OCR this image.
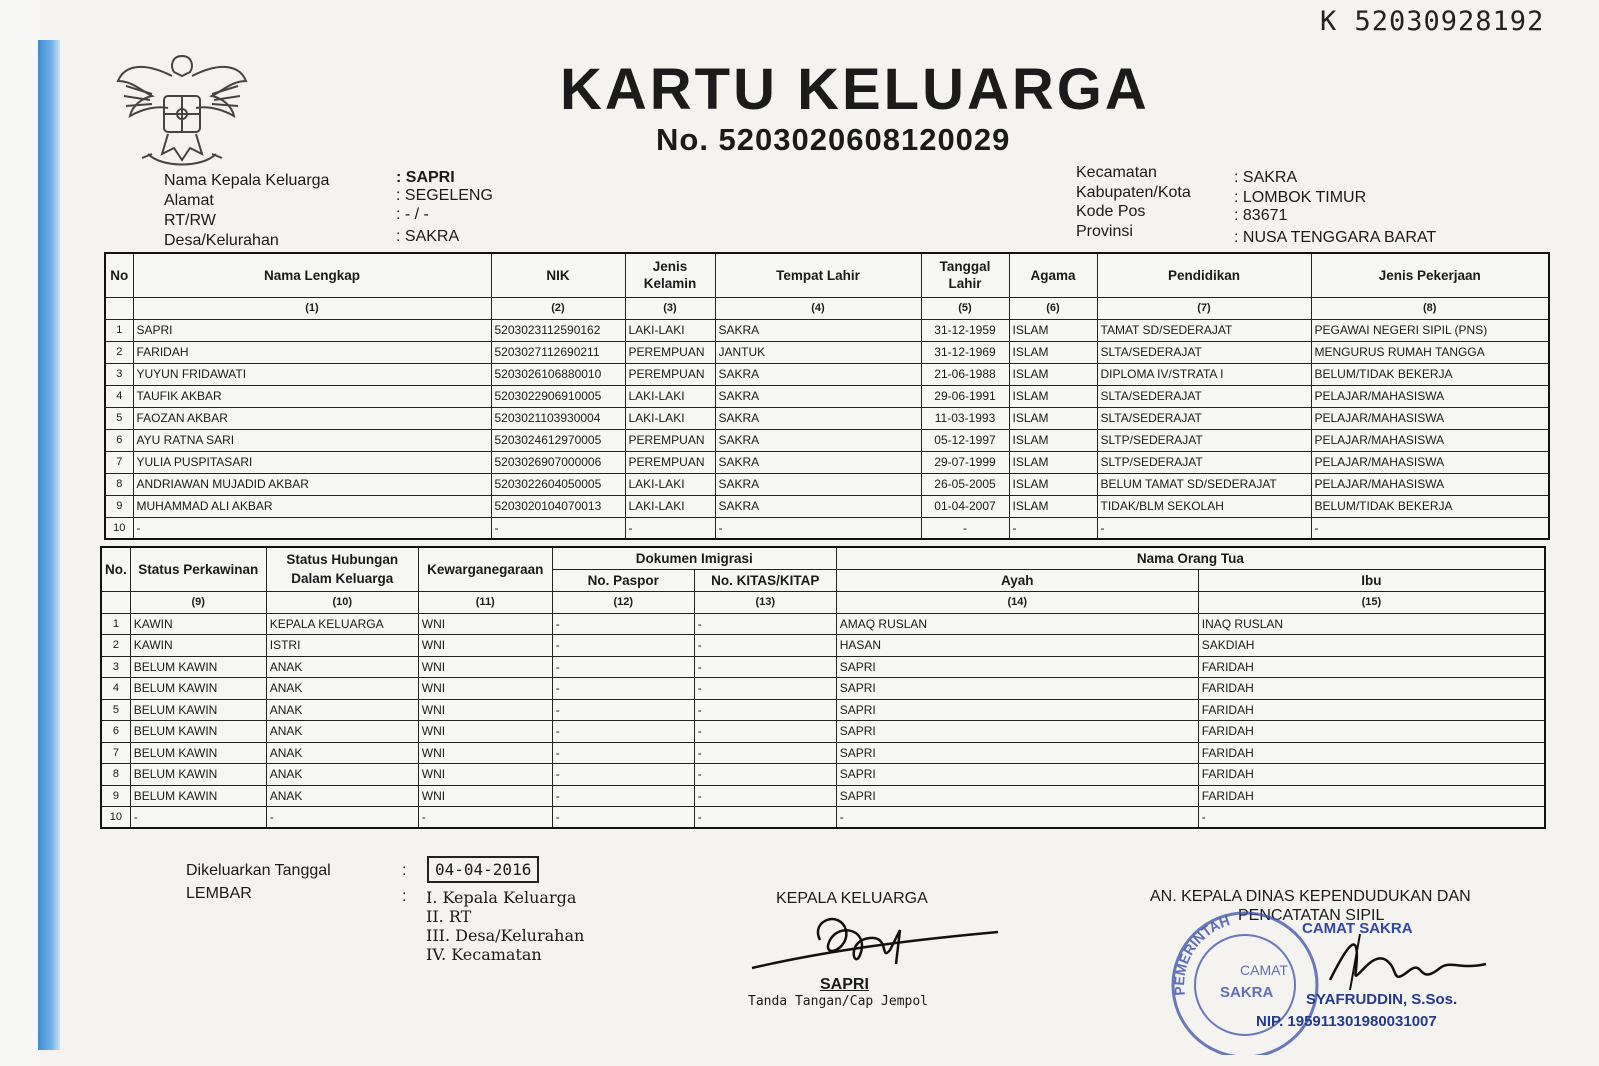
K 52030928192
KARTU KELUARGA
No. 5203020608120029
Nama Kepala Keluarga	: SAPRI
Alamat	: SEGELENG
RT/RW	: - / -
Desa/Kelurahan	: SAKRA
Kecamatan	: SAKRA
Kabupaten/Kota	: LOMBOK TIMUR
Kode Pos	: 83671
Provinsi	: NUSA TENGGARA BARAT
No	Nama Lengkap	NIK	Jenis Kelamin	Tempat Lahir	Tanggal Lahir	Agama	Pendidikan	Jenis Pekerjaan
	(1)	(2)	(3)	(4)	(5)	(6)	(7)	(8)
1	SAPRI	5203023112590162	LAKI-LAKI	SAKRA	31-12-1959	ISLAM	TAMAT SD/SEDERAJAT	PEGAWAI NEGERI SIPIL (PNS)
2	FARIDAH	5203027112690211	PEREMPUAN	JANTUK	31-12-1969	ISLAM	SLTA/SEDERAJAT	MENGURUS RUMAH TANGGA
3	YUYUN FRIDAWATI	5203026106880010	PEREMPUAN	SAKRA	21-06-1988	ISLAM	DIPLOMA IV/STRATA I	BELUM/TIDAK BEKERJA
4	TAUFIK AKBAR	5203022906910005	LAKI-LAKI	SAKRA	29-06-1991	ISLAM	SLTA/SEDERAJAT	PELAJAR/MAHASISWA
5	FAOZAN AKBAR	5203021103930004	LAKI-LAKI	SAKRA	11-03-1993	ISLAM	SLTA/SEDERAJAT	PELAJAR/MAHASISWA
6	AYU RATNA SARI	5203024612970005	PEREMPUAN	SAKRA	05-12-1997	ISLAM	SLTP/SEDERAJAT	PELAJAR/MAHASISWA
7	YULIA PUSPITASARI	5203026907000006	PEREMPUAN	SAKRA	29-07-1999	ISLAM	SLTP/SEDERAJAT	PELAJAR/MAHASISWA
8	ANDRIAWAN MUJADID AKBAR	5203022604050005	LAKI-LAKI	SAKRA	26-05-2005	ISLAM	BELUM TAMAT SD/SEDERAJAT	PELAJAR/MAHASISWA
9	MUHAMMAD ALI AKBAR	5203020104070013	LAKI-LAKI	SAKRA	01-04-2007	ISLAM	TIDAK/BLM SEKOLAH	BELUM/TIDAK BEKERJA
10	-	-	-	-	-	-	-	-
No.	Status Perkawinan	Status Hubungan Dalam Keluarga	Kewarganegaraan	Dokumen Imigrasi		Nama Orang Tua	
				No. Paspor	No. KITAS/KITAP	Ayah	Ibu
	(9)	(10)	(11)	(12)	(13)	(14)	(15)
1	KAWIN	KEPALA KELUARGA	WNI	-	-	AMAQ RUSLAN	INAQ RUSLAN
2	KAWIN	ISTRI	WNI	-	-	HASAN	SAKDIAH
3	BELUM KAWIN	ANAK	WNI	-	-	SAPRI	FARIDAH
4	BELUM KAWIN	ANAK	WNI	-	-	SAPRI	FARIDAH
5	BELUM KAWIN	ANAK	WNI	-	-	SAPRI	FARIDAH
6	BELUM KAWIN	ANAK	WNI	-	-	SAPRI	FARIDAH
7	BELUM KAWIN	ANAK	WNI	-	-	SAPRI	FARIDAH
8	BELUM KAWIN	ANAK	WNI	-	-	SAPRI	FARIDAH
9	BELUM KAWIN	ANAK	WNI	-	-	SAPRI	FARIDAH
10	-	-	-	-	-	-	-
Dikeluarkan Tanggal
LEMBAR
:
:
04-04-2016
I. Kepala Keluarga
II. RT
III. Desa/Kelurahan
IV. Kecamatan
KEPALA KELUARGA
SAPRI
Tanda Tangan/Cap Jempol
AN. KEPALA DINAS KEPENDUDUKAN DAN
PENCATATAN SIPIL
PEMERINTAH
CAMAT
SAKRA
CAMAT SAKRA
SYAFRUDDIN, S.Sos.
NIP. 195911301980031007
